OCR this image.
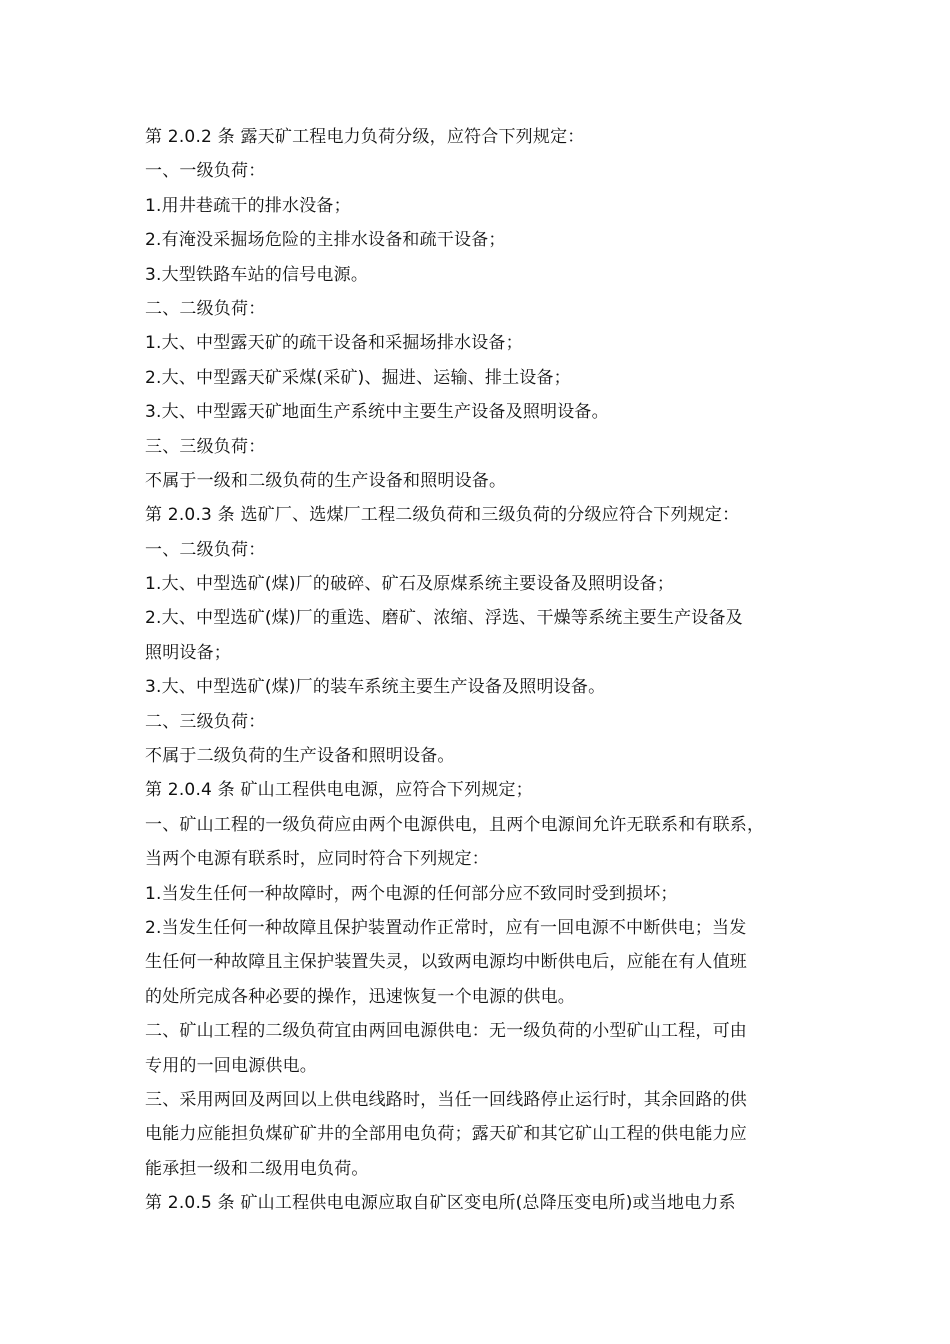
第 2.0.2 条 露天矿工程电力负荷分级，应符合下列规定：
一、一级负荷：
1.用井巷疏干的排水没备；
2.有淹没采掘场危险的主排水设备和疏干设备；
3.大型铁路车站的信号电源。
二、二级负荷：
1.大、中型露天矿的疏干设备和采掘场排水设备；
2.大、中型露天矿采煤(采矿)、掘进、运输、排土设备；
3.大、中型露天矿地面生产系统中主要生产设备及照明设备。
三、三级负荷：
不属于一级和二级负荷的生产设备和照明设备。
第 2.0.3 条 选矿厂、选煤厂工程二级负荷和三级负荷的分级应符合下列规定：
一、二级负荷：
1.大、中型选矿(煤)厂的破碎、矿石及原煤系统主要设备及照明设备；
2.大、中型选矿(煤)厂的重选、磨矿、浓缩、浮选、干燥等系统主要生产设备及
照明设备；
3.大、中型选矿(煤)厂的装车系统主要生产设备及照明设备。
二、三级负荷：
不属于二级负荷的生产设备和照明设备。
第 2.0.4 条 矿山工程供电电源，应符合下列规定；
一、矿山工程的一级负荷应由两个电源供电，且两个电源间允许无联系和有联系，
当两个电源有联系时，应同时符合下列规定：
1.当发生任何一种故障时，两个电源的任何部分应不致同时受到损坏；
2.当发生任何一种故障且保护装置动作正常时，应有一回电源不中断供电；当发
生任何一种故障且主保护装置失灵，以致两电源均中断供电后，应能在有人值班
的处所完成各种必要的操作，迅速恢复一个电源的供电。
二、矿山工程的二级负荷宜由两回电源供电：无一级负荷的小型矿山工程，可由
专用的一回电源供电。
三、采用两回及两回以上供电线路时，当任一回线路停止运行时，其余回路的供
电能力应能担负煤矿矿井的全部用电负荷；露天矿和其它矿山工程的供电能力应
能承担一级和二级用电负荷。
第 2.0.5 条 矿山工程供电电源应取自矿区变电所(总降压变电所)或当地电力系
